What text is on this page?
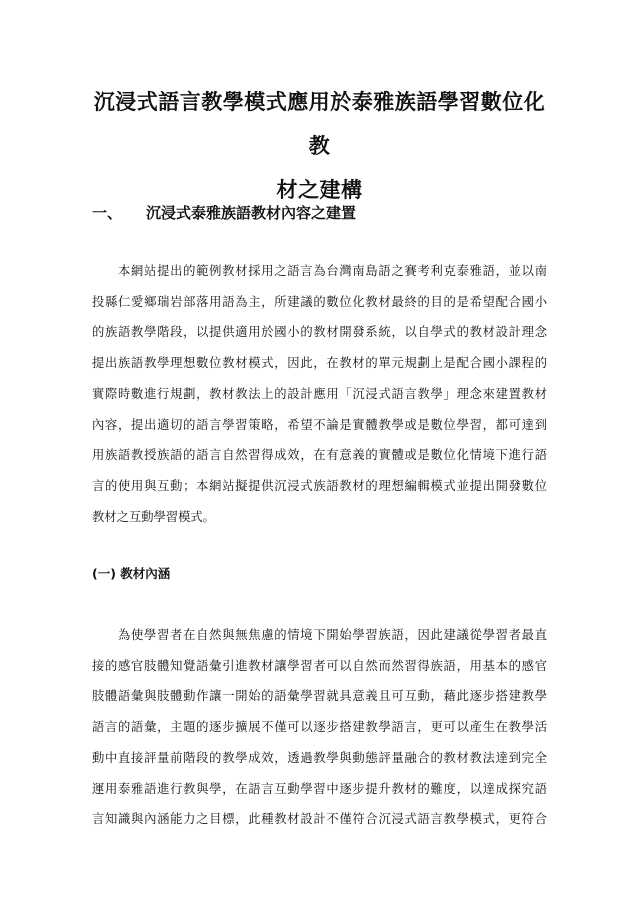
沉浸式語言教學模式應用於泰雅族語學習數位化教
材之建構
一、	沉浸式泰雅族語教材內容之建置
本網站提出的範例教材採用之語言為台灣南島語之賽考利克泰雅語，並以南
投縣仁愛鄉瑞岩部落用語為主，所建議的數位化教材最終的目的是希望配合國小
的族語教學階段，以提供適用於國小的教材開發系統，以自學式的教材設計理念
提出族語教學理想數位教材模式，因此，在教材的單元規劃上是配合國小課程的
實際時數進行規劃，教材教法上的設計應用「沉浸式語言教學」理念來建置教材
內容，提出適切的語言學習策略，希望不論是實體教學或是數位學習，都可達到
用族語教授族語的語言自然習得成效，在有意義的實體或是數位化情境下進行語
言的使用與互動；本網站擬提供沉浸式族語教材的理想編輯模式並提出開發數位
教材之互動學習模式。
(一) 教材內涵
為使學習者在自然與無焦慮的情境下開始學習族語，因此建議從學習者最直
接的感官肢體知覺語彙引進教材讓學習者可以自然而然習得族語，用基本的感官
肢體語彙與肢體動作讓一開始的語彙學習就具意義且可互動，藉此逐步搭建教學
語言的語彙，主題的逐步擴展不僅可以逐步搭建教學語言，更可以產生在教學活
動中直接評量前階段的教學成效，透過教學與動態評量融合的教材教法達到完全
運用泰雅語進行教與學，在語言互動學習中逐步提升教材的難度，以達成探究語
言知識與內涵能力之目標，此種教材設計不僅符合沉浸式語言教學模式，更符合
